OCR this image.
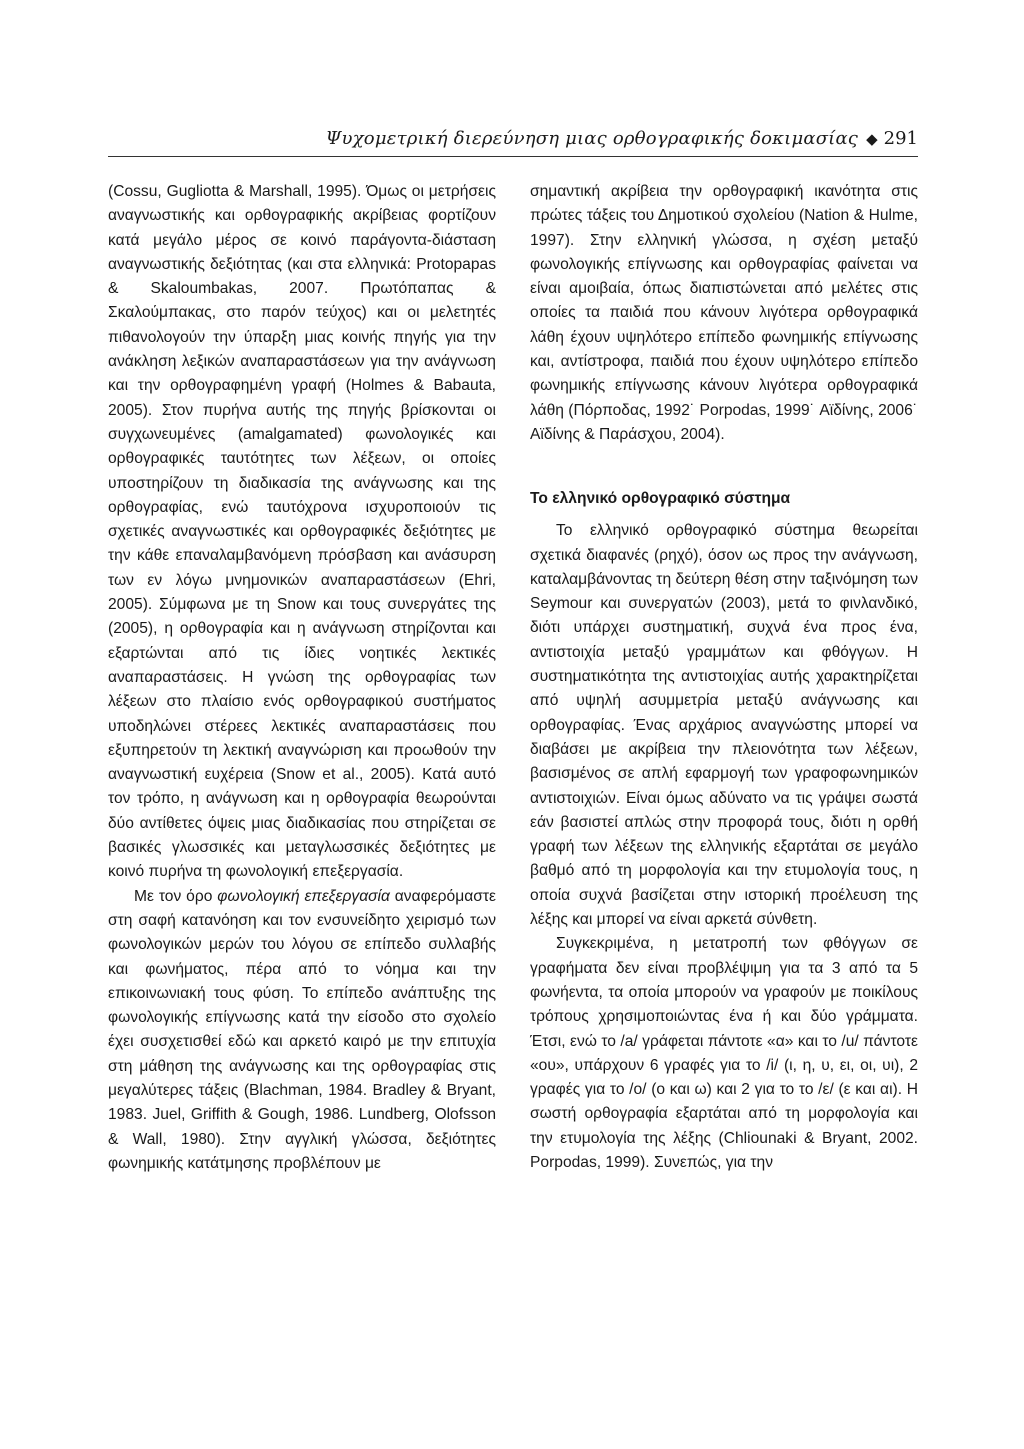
Ψυχομετρική διερεύνηση μιας ορθογραφικής δοκιμασίας ◆ 291

(Cossu, Gugliotta & Marshall, 1995). Όμως οι μετρήσεις αναγνωστικής και ορθογραφικής ακρίβειας φορτίζουν κατά μεγάλο μέρος σε κοινό παράγοντα-διάσταση αναγνωστικής δεξιότητας (και στα ελληνικά: Protopapas & Skaloumbakas, 2007. Πρωτόπαπας & Σκαλούμπακας, στο παρόν τεύχος) και οι μελετητές πιθανολογούν την ύπαρξη μιας κοινής πηγής για την ανάκληση λεξικών αναπαραστάσεων για την ανάγνωση και την ορθογραφημένη γραφή (Holmes & Babauta, 2005). Στον πυρήνα αυτής της πηγής βρίσκονται οι συγχωνευμένες (amalgamated) φωνολογικές και ορθογραφικές ταυτότητες των λέξεων, οι οποίες υποστηρίζουν τη διαδικασία της ανάγνωσης και της ορθογραφίας, ενώ ταυτόχρονα ισχυροποιούν τις σχετικές αναγνωστικές και ορθογραφικές δεξιότητες με την κάθε επαναλαμβανόμενη πρόσβαση και ανάσυρση των εν λόγω μνημονικών αναπαραστάσεων (Ehri, 2005). Σύμφωνα με τη Snow και τους συνεργάτες της (2005), η ορθογραφία και η ανάγνωση στηρίζονται και εξαρτώνται από τις ίδιες νοητικές λεκτικές αναπαραστάσεις. Η γνώση της ορθογραφίας των λέξεων στο πλαίσιο ενός ορθογραφικού συστήματος υποδηλώνει στέρεες λεκτικές αναπαραστάσεις που εξυπηρετούν τη λεκτική αναγνώριση και προωθούν την αναγνωστική ευχέρεια (Snow et al., 2005). Κατά αυτό τον τρόπο, η ανάγνωση και η ορθογραφία θεωρούνται δύο αντίθετες όψεις μιας διαδικασίας που στηρίζεται σε βασικές γλωσσικές και μεταγλωσσικές δεξιότητες με κοινό πυρήνα τη φωνολογική επεξεργασία.

Με τον όρο φωνολογική επεξεργασία αναφερόμαστε στη σαφή κατανόηση και τον ενσυνείδητο χειρισμό των φωνολογικών μερών του λόγου σε επίπεδο συλλαβής και φωνήματος, πέρα από το νόημα και την επικοινωνιακή τους φύση. Το επίπεδο ανάπτυξης της φωνολογικής επίγνωσης κατά την είσοδο στο σχολείο έχει συσχετισθεί εδώ και αρκετό καιρό με την επιτυχία στη μάθηση της ανάγνωσης και της ορθογραφίας στις μεγαλύτερες τάξεις (Blachman, 1984. Bradley & Bryant, 1983. Juel, Griffith & Gough, 1986. Lundberg, Olofsson & Wall, 1980). Στην αγγλική γλώσσα, δεξιότητες φωνημικής κατάτμησης προβλέπουν με

σημαντική ακρίβεια την ορθογραφική ικανότητα στις πρώτες τάξεις του Δημοτικού σχολείου (Nation & Hulme, 1997). Στην ελληνική γλώσσα, η σχέση μεταξύ φωνολογικής επίγνωσης και ορθογραφίας φαίνεται να είναι αμοιβαία, όπως διαπιστώνεται από μελέτες στις οποίες τα παιδιά που κάνουν λιγότερα ορθογραφικά λάθη έχουν υψηλότερο επίπεδο φωνημικής επίγνωσης και, αντίστροφα, παιδιά που έχουν υψηλότερο επίπεδο φωνημικής επίγνωσης κάνουν λιγότερα ορθογραφικά λάθη (Πόρποδας, 1992˙ Porpodas, 1999˙ Αϊδίνης, 2006˙ Αϊδίνης & Παράσχου, 2004).

Το ελληνικό ορθογραφικό σύστημα

Το ελληνικό ορθογραφικό σύστημα θεωρείται σχετικά διαφανές (ρηχό), όσον ως προς την ανάγνωση, καταλαμβάνοντας τη δεύτερη θέση στην ταξινόμηση των Seymour και συνεργατών (2003), μετά το φινλανδικό, διότι υπάρχει συστηματική, συχνά ένα προς ένα, αντιστοιχία μεταξύ γραμμάτων και φθόγγων. Η συστηματικότητα της αντιστοιχίας αυτής χαρακτηρίζεται από υψηλή ασυμμετρία μεταξύ ανάγνωσης και ορθογραφίας. Ένας αρχάριος αναγνώστης μπορεί να διαβάσει με ακρίβεια την πλειονότητα των λέξεων, βασισμένος σε απλή εφαρμογή των γραφοφωνημικών αντιστοιχιών. Είναι όμως αδύνατο να τις γράψει σωστά εάν βασιστεί απλώς στην προφορά τους, διότι η ορθή γραφή των λέξεων της ελληνικής εξαρτάται σε μεγάλο βαθμό από τη μορφολογία και την ετυμολογία τους, η οποία συχνά βασίζεται στην ιστορική προέλευση της λέξης και μπορεί να είναι αρκετά σύνθετη.

Συγκεκριμένα, η μετατροπή των φθόγγων σε γραφήματα δεν είναι προβλέψιμη για τα 3 από τα 5 φωνήεντα, τα οποία μπορούν να γραφούν με ποικίλους τρόπους χρησιμοποιώντας ένα ή και δύο γράμματα. Έτσι, ενώ το /a/ γράφεται πάντοτε «α» και το /u/ πάντοτε «ου», υπάρχουν 6 γραφές για το /i/ (ι, η, υ, ει, οι, υι), 2 γραφές για το /o/ (ο και ω) και 2 για το το /ε/ (ε και αι). Η σωστή ορθογραφία εξαρτάται από τη μορφολογία και την ετυμολογία της λέξης (Chliounaki & Bryant, 2002. Porpodas, 1999). Συνεπώς, για την
